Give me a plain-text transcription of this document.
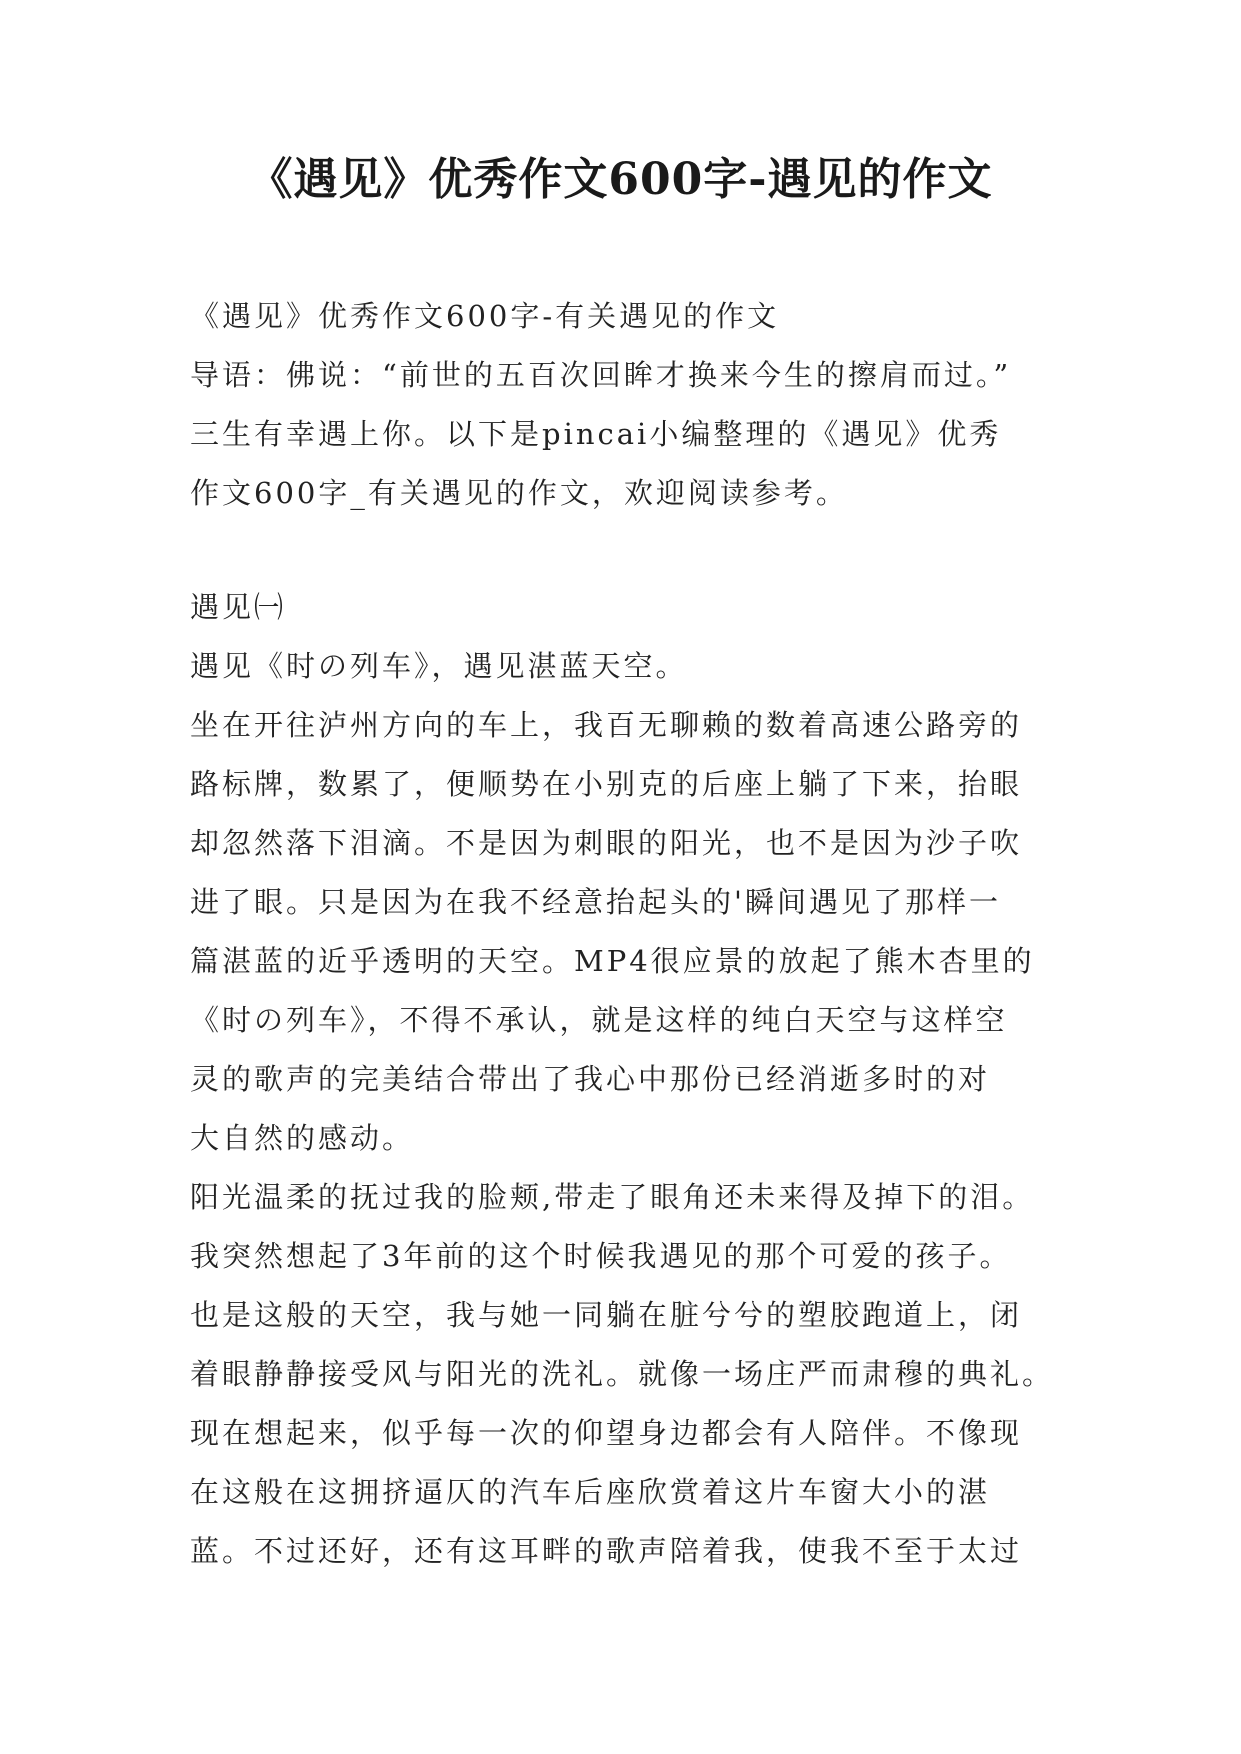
《遇见》优秀作文600字-遇见的作文
《遇见》优秀作文600字-有关遇见的作文
导语：佛说：“前世的五百次回眸才换来今生的擦肩而过。”
三生有幸遇上你。以下是pincai小编整理的《遇见》优秀
作文600字_有关遇见的作文，欢迎阅读参考。
遇见㈠
遇见《时の列车》，遇见湛蓝天空。
坐在开往泸州方向的车上，我百无聊赖的数着高速公路旁的
路标牌，数累了，便顺势在小别克的后座上躺了下来，抬眼
却忽然落下泪滴。不是因为刺眼的阳光，也不是因为沙子吹
进了眼。只是因为在我不经意抬起头的'瞬间遇见了那样一
篇湛蓝的近乎透明的天空。MP4很应景的放起了熊木杏里的
《时の列车》，不得不承认，就是这样的纯白天空与这样空
灵的歌声的完美结合带出了我心中那份已经消逝多时的对
大自然的感动。
阳光温柔的抚过我的脸颊,带走了眼角还未来得及掉下的泪。
我突然想起了3年前的这个时候我遇见的那个可爱的孩子。
也是这般的天空，我与她一同躺在脏兮兮的塑胶跑道上，闭
着眼静静接受风与阳光的洗礼。就像一场庄严而肃穆的典礼。
现在想起来，似乎每一次的仰望身边都会有人陪伴。不像现
在这般在这拥挤逼仄的汽车后座欣赏着这片车窗大小的湛
蓝。不过还好，还有这耳畔的歌声陪着我，使我不至于太过
